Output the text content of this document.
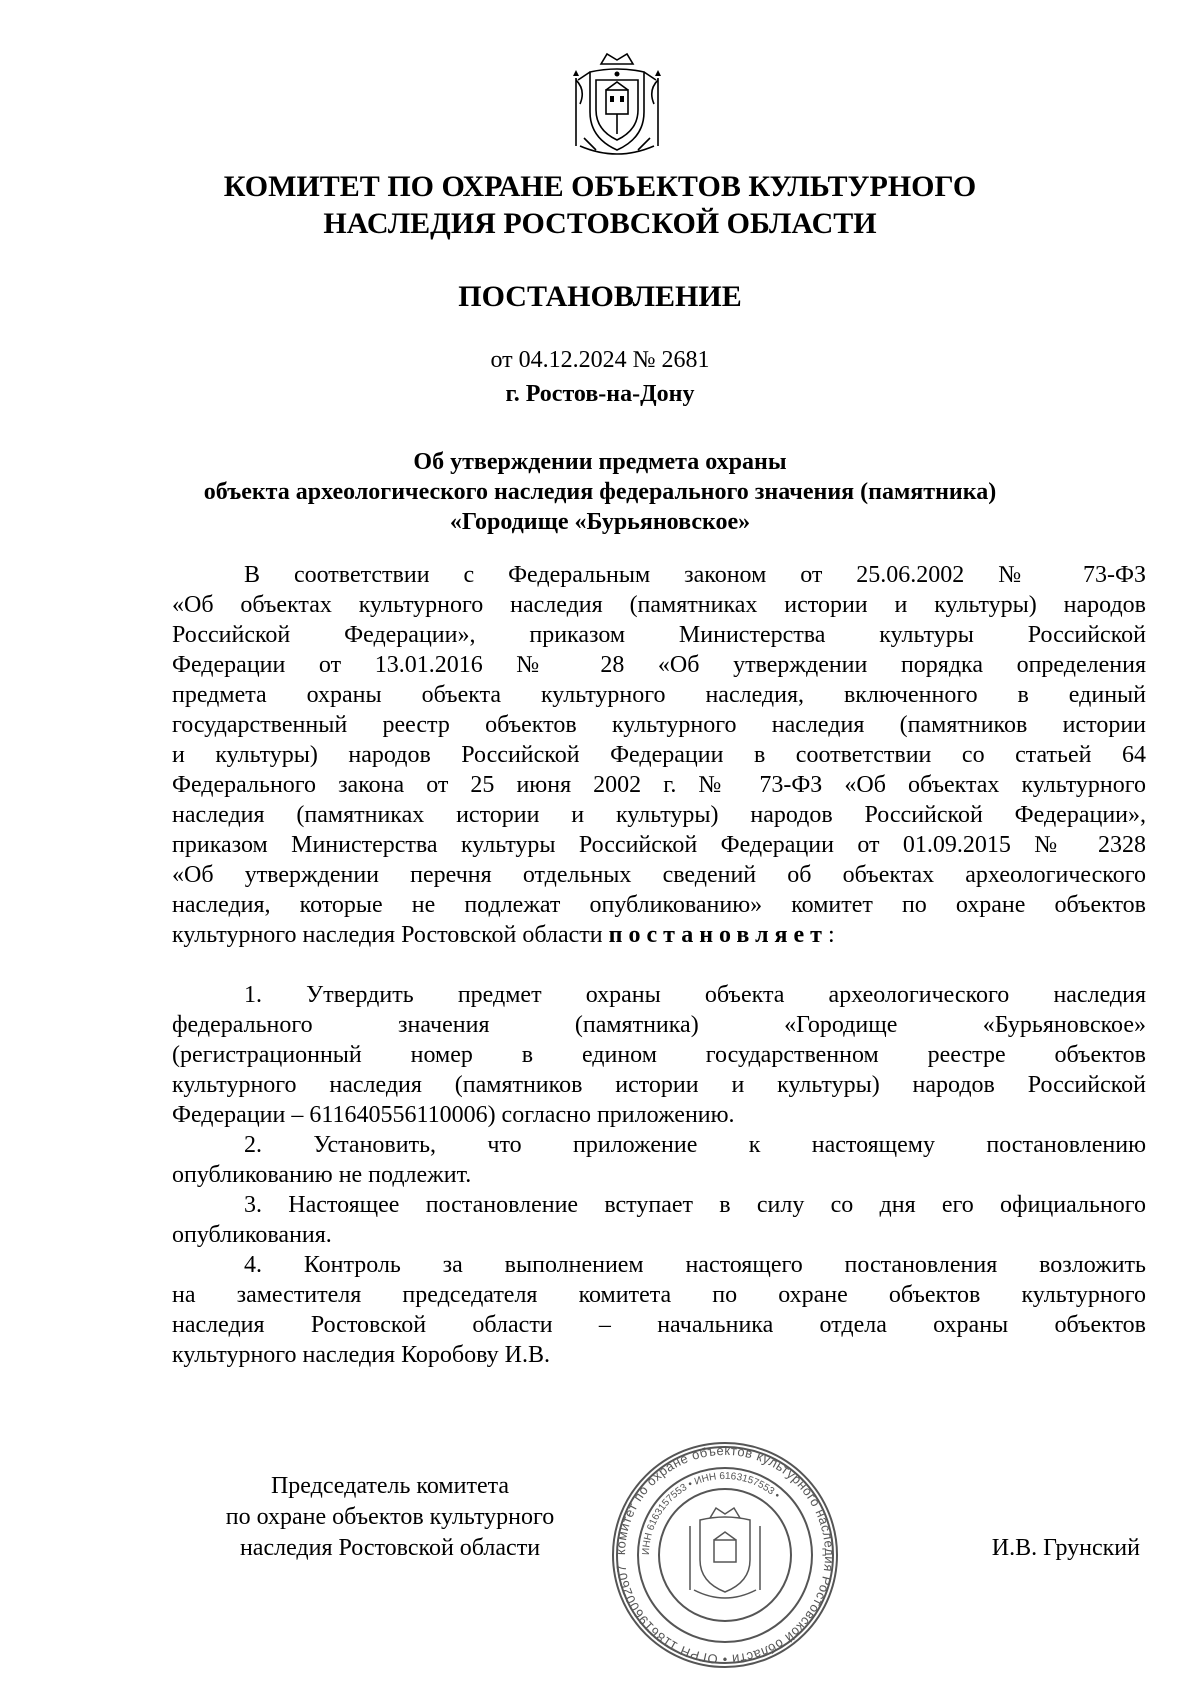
КОМИТЕТ ПО ОХРАНЕ ОБЪЕКТОВ КУЛЬТУРНОГО
НАСЛЕДИЯ РОСТОВСКОЙ ОБЛАСТИ
ПОСТАНОВЛЕНИЕ
от 04.12.2024 № 2681
г. Ростов-на-Дону
Об утверждении предмета охраны
объекта археологического наследия федерального значения (памятника)
«Городище «Бурьяновское»
В соответствии с Федеральным законом от 25.06.2002 № 73-ФЗ
«Об объектах культурного наследия (памятниках истории и культуры) народов
Российской Федерации», приказом Министерства культуры Российской
Федерации от 13.01.2016 № 28 «Об утверждении порядка определения
предмета охраны объекта культурного наследия, включенного в единый
государственный реестр объектов культурного наследия (памятников истории
и культуры) народов Российской Федерации в соответствии со статьей 64
Федерального закона от 25 июня 2002 г. № 73-ФЗ «Об объектах культурного
наследия (памятниках истории и культуры) народов Российской Федерации»,
приказом Министерства культуры Российской Федерации от 01.09.2015 № 2328
«Об утверждении перечня отдельных сведений об объектах археологического
наследия, которые не подлежат опубликованию» комитет по охране объектов
культурного наследия Ростовской области постановляет:
1. Утвердить предмет охраны объекта археологического наследия
федерального значения (памятника) «Городище «Бурьяновское»
(регистрационный номер в едином государственном реестре объектов
культурного наследия (памятников истории и культуры) народов Российской
Федерации – 611640556110006) согласно приложению.
2. Установить, что приложение к настоящему постановлению
опубликованию не подлежит.
3. Настоящее постановление вступает в силу со дня его официального
опубликования.
4. Контроль за выполнением настоящего постановления возложить
на заместителя председателя комитета по охране объектов культурного
наследия Ростовской области – начальника отдела охраны объектов
культурного наследия Коробову И.В.
Председатель комитета
по охране объектов культурного
наследия Ростовской области	комитет по охране объектов культурного наследия Ростовской области • ОГРН 1186196002607
ИНН 6163157553 • ИНН 6163157553 •
И.В. Грунский
